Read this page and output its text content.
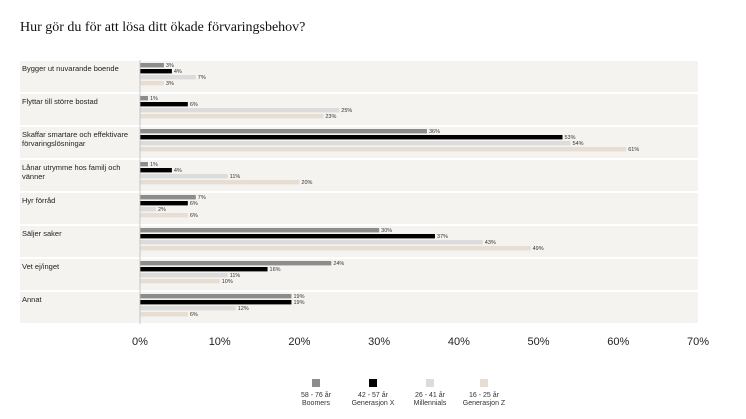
Hur gör du för att lösa ditt ökade förvaringsbehov?
Bygger ut nuvarande boende	3%
4%
7%
3%
Flyttar till större bostad	1%
6%
25%
23%
Skaffar smartare och effektivare förvaringslösningar
36%
53%
54%
61%
Lånar utrymme hos familj och vänner
1%
4%
11%
20%
Hyr förråd	7%
6%
2%
6%
Säljer saker	30%
37%
43%
49%
Vet ej/inget	24%
16%
11%
10%
Annat	19%
19%
12%
6%
0%	10%	20%	30%	40%	50%	60%	70%
58 - 76 år
Boomers
42 - 57 år
Generasjon X
26 - 41 år
Millennials
16 - 25 år
Generasjon Z
